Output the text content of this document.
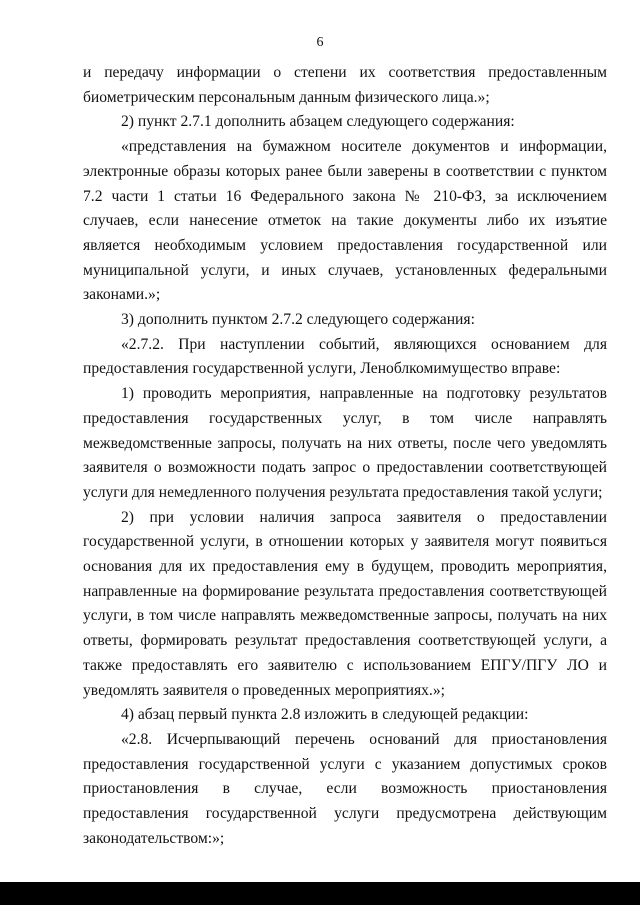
6

и передачу информации о степени их соответствия предоставленным биометрическим персональным данным физического лица.»;

2) пункт 2.7.1 дополнить абзацем следующего содержания:

«представления на бумажном носителе документов и информации, электронные образы которых ранее были заверены в соответствии с пунктом 7.2 части 1 статьи 16 Федерального закона № 210-ФЗ, за исключением случаев, если нанесение отметок на такие документы либо их изъятие является необходимым условием предоставления государственной или муниципальной услуги, и иных случаев, установленных федеральными законами.»;

3) дополнить пунктом 2.7.2 следующего содержания:

«2.7.2. При наступлении событий, являющихся основанием для предоставления государственной услуги, Леноблкомимущество вправе:

1) проводить мероприятия, направленные на подготовку результатов предоставления государственных услуг, в том числе направлять межведомственные запросы, получать на них ответы, после чего уведомлять заявителя о возможности подать запрос о предоставлении соответствующей услуги для немедленного получения результата предоставления такой услуги;

2) при условии наличия запроса заявителя о предоставлении государственной услуги, в отношении которых у заявителя могут появиться основания для их предоставления ему в будущем, проводить мероприятия, направленные на формирование результата предоставления соответствующей услуги, в том числе направлять межведомственные запросы, получать на них ответы, формировать результат предоставления соответствующей услуги, а также предоставлять его заявителю с использованием ЕПГУ/ПГУ ЛО и уведомлять заявителя о проведенных мероприятиях.»;

4) абзац первый пункта 2.8 изложить в следующей редакции:

«2.8. Исчерпывающий перечень оснований для приостановления предоставления государственной услуги с указанием допустимых сроков приостановления в случае, если возможность приостановления предоставления государственной услуги предусмотрена действующим законодательством:»;
